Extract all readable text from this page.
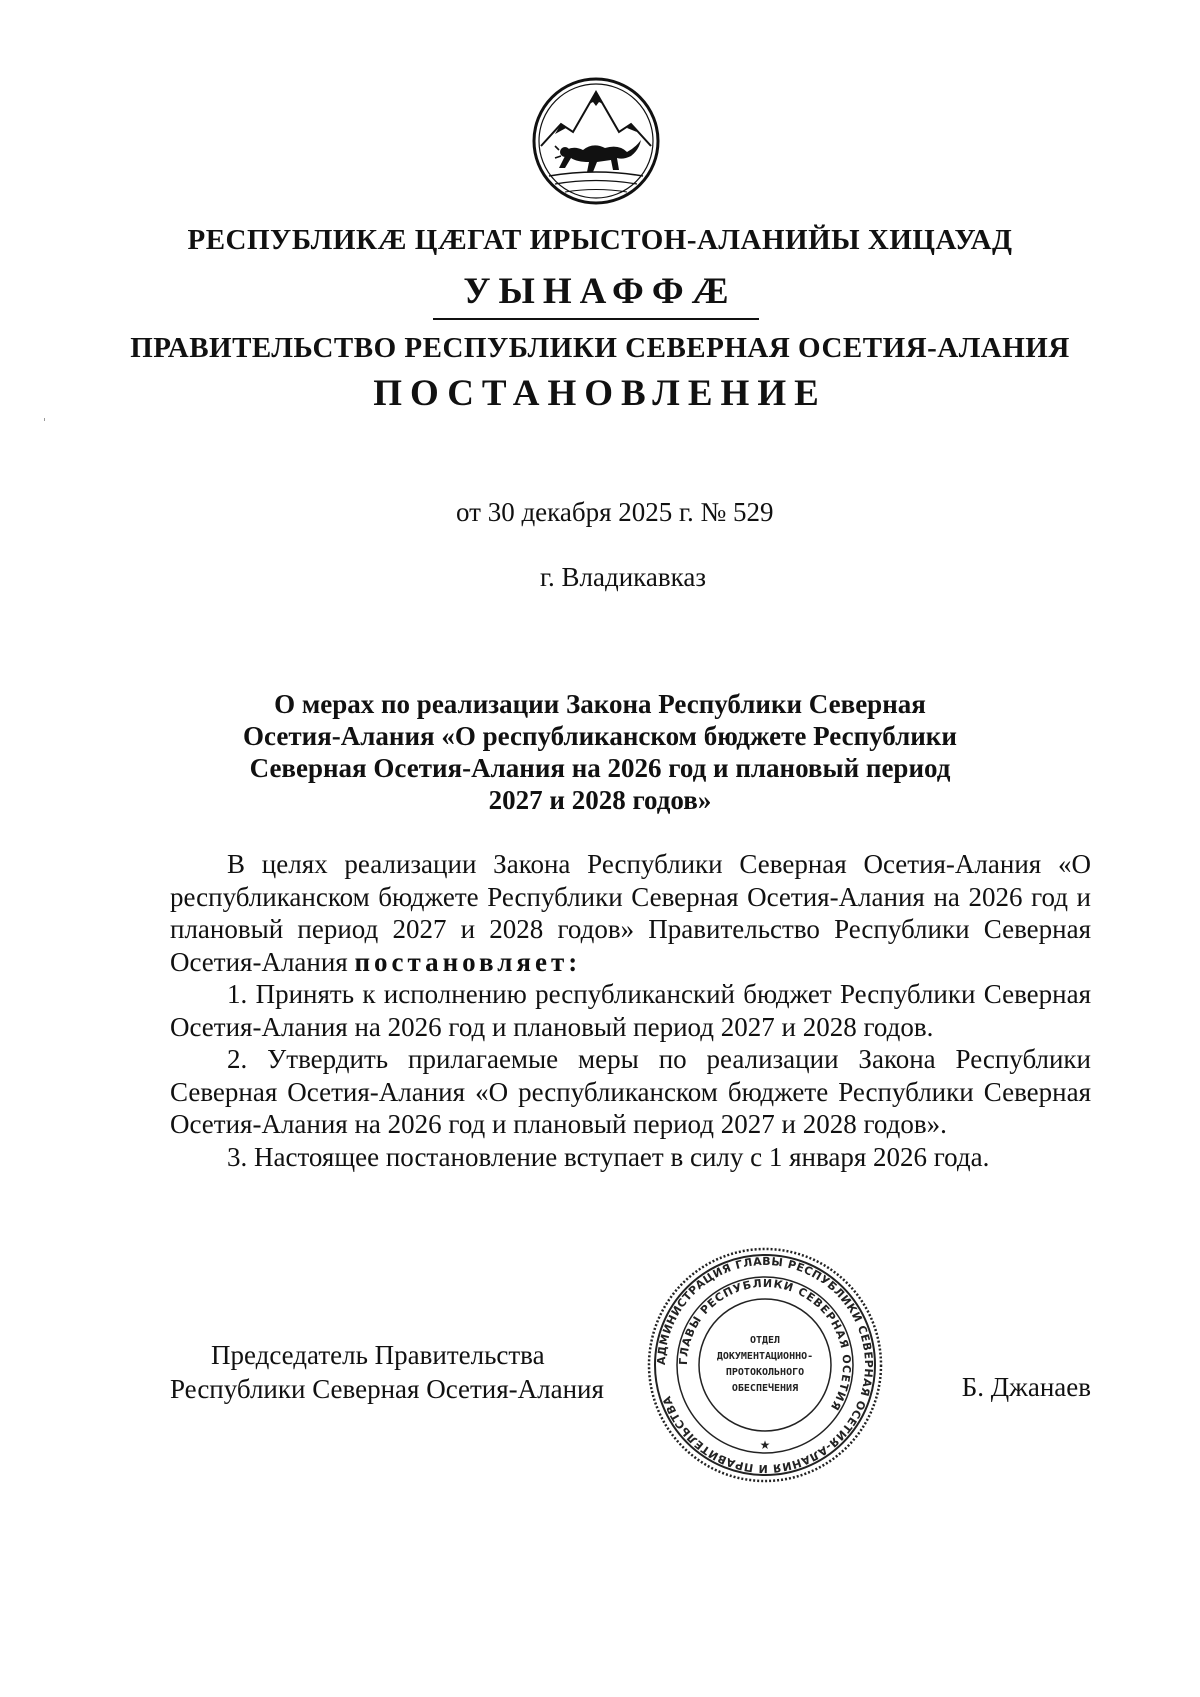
РЕСПУБЛИКӔ ЦӔГАТ ИРЫСТОН-АЛАНИЙЫ ХИЦАУАД
УЫНАФФӔ
ПРАВИТЕЛЬСТВО РЕСПУБЛИКИ СЕВЕРНАЯ ОСЕТИЯ-АЛАНИЯ
ПОСТАНОВЛЕНИЕ
от 30 декабря 2025 г. № 529
г. Владикавказ
О мерах по реализации Закона Республики Северная
Осетия-Алания «О республиканском бюджете Республики
Северная Осетия-Алания на 2026 год и плановый период
2027 и 2028 годов»

В целях реализации Закона Республики Северная Осетия-Алания «О республиканском бюджете Республики Северная Осетия-Алания на 2026 год и плановый период 2027 и 2028 годов» Правительство Республики Северная Осетия-Алания постановляет:

1. Принять к исполнению республиканский бюджет Республики Северная Осетия-Алания на 2026 год и плановый период 2027 и 2028 годов.

2. Утвердить прилагаемые меры по реализации Закона Республики Северная Осетия-Алания «О республиканском бюджете Республики Северная Осетия-Алания на 2026 год и плановый период 2027 и 2028 годов».

3. Настоящее постановление вступает в силу с 1 января 2026 года.

Председатель Правительства
Республики Северная Осетия-Алания	Б. Джанаев
АДМИНИСТРАЦИЯ ГЛАВЫ РЕСПУБЛИКИ СЕВЕРНАЯ ОСЕТИЯ-АЛАНИЯ И ПРАВИТЕЛЬСТВА
ГЛАВЫ РЕСПУБЛИКИ СЕВЕРНАЯ ОСЕТИЯ
ОТДЕЛ
ДОКУМЕНТАЦИОННО-
ПРОТОКОЛЬНОГО
ОБЕСПЕЧЕНИЯ
★
